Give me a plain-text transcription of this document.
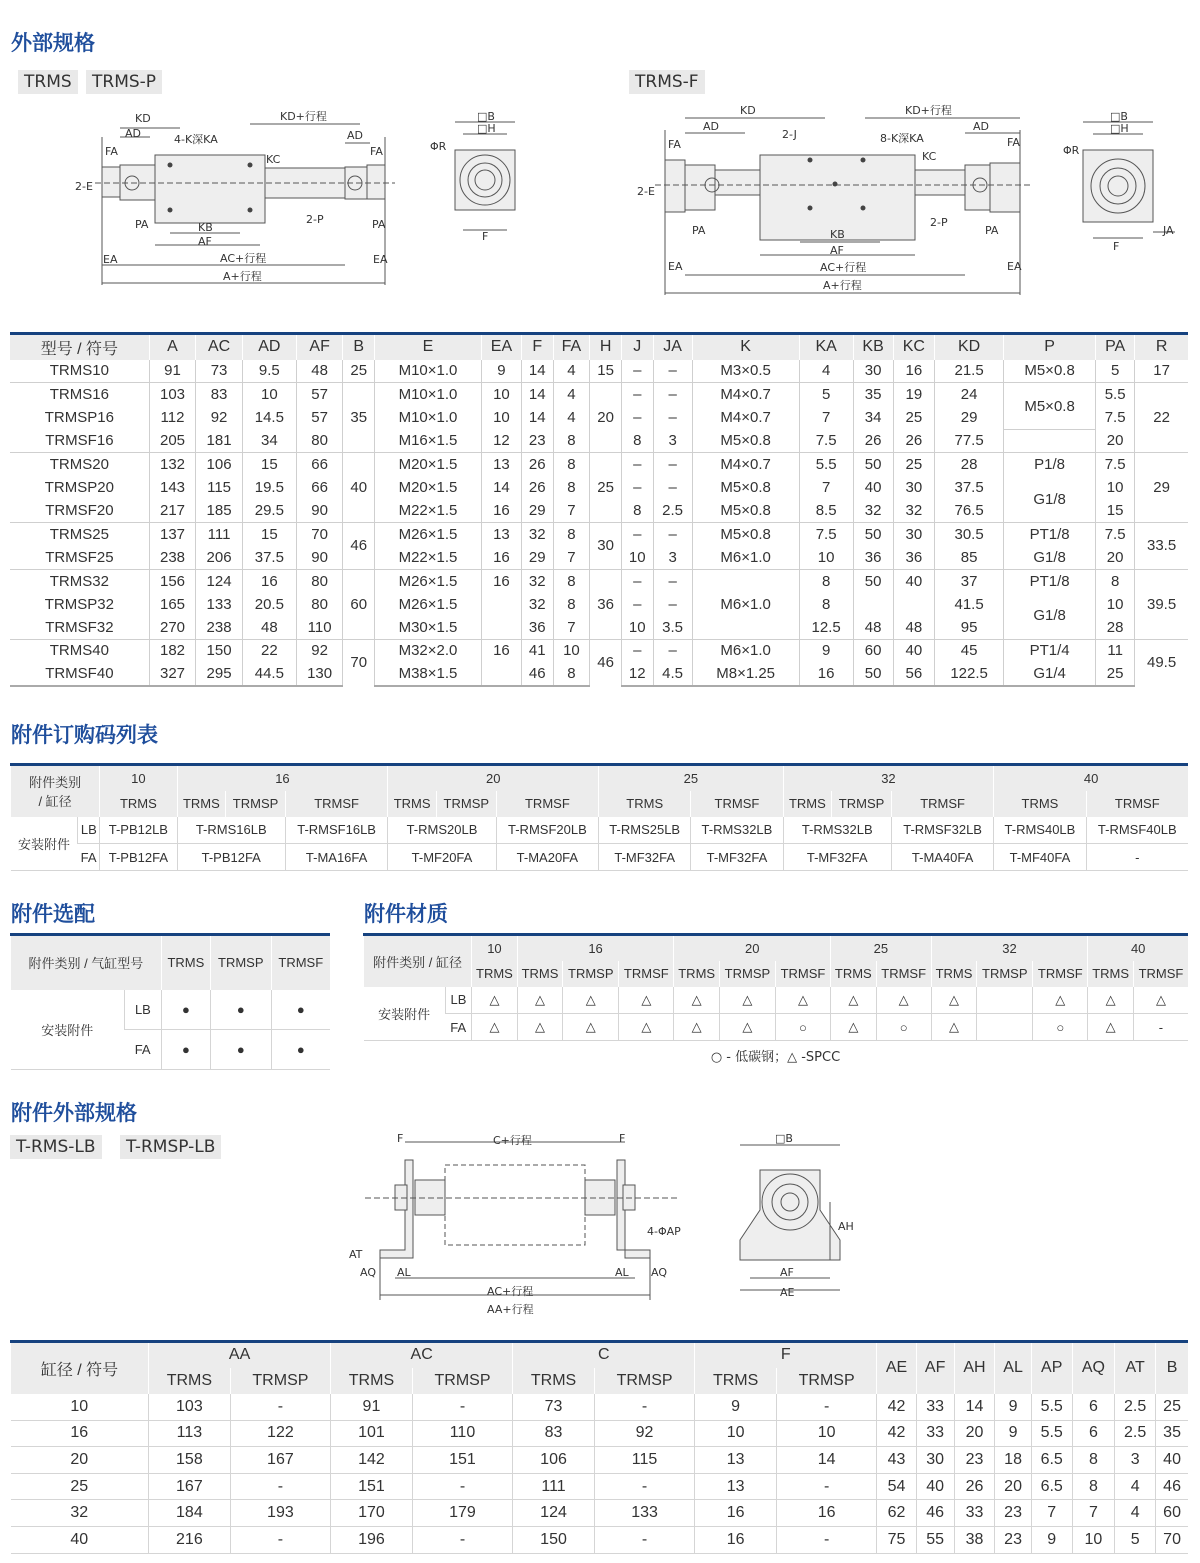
外部规格
TRMS	TRMS-P	TRMS-F
KD
AD
FA
2-E
4-K深KA
KD+行程
AD
KC
FA
PA	KB
AF
2-P	PA
EA	AC+行程	EA
A+行程
□B
□H
ΦR
F
KD
AD
2-J	8-K深KA
KD+行程
KC
AD
FA	FA
2-E
PA	KB
AF
2-P
PA
EA	AC+行程	EA
A+行程
□B
□H
ΦR
F
JA
型号 / 符号	A	AC	AD	AF	B	E	EA	F	FA	H	J	JA	K	KA	KB	KC	KD	P	PA	R
TRMS10	91	73	9.5	48	25	M10×1.0	9	14	4	15	–	–	M3×0.5	4	30	16	21.5	M5×0.8	5	17
TRMS16	103	83	10	57	35	M10×1.0	10	14	4	20	–	–	M4×0.7	5	35	19	24	M5×0.8	5.5	22
TRMSP16	112	92	14.5	57		M10×1.0	10	14	4		–	–	M4×0.7	7	34	25	29		7.5	
TRMSF16	205	181	34	80		M16×1.5	12	23	8		8	3	M5×0.8	7.5	26	26	77.5		20	
TRMS20	132	106	15	66	40	M20×1.5	13	26	8	25	–	–	M4×0.7	5.5	50	25	28	P1/8	7.5	29
TRMSP20	143	115	19.5	66		M20×1.5	14	26	8		–	–	M5×0.8	7	40	30	37.5	G1/8	10	
TRMSF20	217	185	29.5	90		M22×1.5	16	29	7		8	2.5	M5×0.8	8.5	32	32	76.5		15	
TRMS25	137	111	15	70	46	M26×1.5	13	32	8	30	–	–	M5×0.8	7.5	50	30	30.5	PT1/8	7.5	33.5
TRMSF25	238	206	37.5	90		M22×1.5	16	29	7		10	3	M6×1.0	10	36	36	85	G1/8	20	
TRMS32	156	124	16	80	60	M26×1.5	16	32	8	36	–	–	M6×1.0	8	50	40	37	PT1/8	8	39.5
TRMSP32	165	133	20.5	80		M26×1.5		32	8		–	–		8			41.5	G1/8	10	
TRMSF32	270	238	48	110		M30×1.5		36	7		10	3.5		12.5	48	48	95		28	
TRMS40	182	150	22	92	70	M32×2.0	16	41	10	46	–	–	M6×1.0	9	60	40	45	PT1/4	11	49.5
TRMSF40	327	295	44.5	130		M38×1.5		46	8		12	4.5	M8×1.25	16	50	56	122.5	G1/4	25	
附件订购码列表
附件类别
/ 缸径		10	16			20			25		32			40	
		TRMS	TRMS	TRMSP	TRMSF	TRMS	TRMSP	TRMSF	TRMS	TRMSF	TRMS	TRMSP	TRMSF	TRMS	TRMSF
安装附件	LB	T-PB12LB	T-RMS16LB		T-RMSF16LB	T-RMS20LB		T-RMSF20LB	T-RMS25LB	T-RMS32LB	T-RMS32LB		T-RMSF32LB	T-RMS40LB	T-RMSF40LB
	FA	T-PB12FA	T-PB12FA		T-MA16FA	T-MF20FA		T-MA20FA	T-MF32FA	T-MF32FA	T-MF32FA		T-MA40FA	T-MF40FA	-
附件选配	附件材质
附件类别 / 气缸型号		TRMS	TRMSP	TRMSF
安装附件	LB	●	●	●
	FA	●	●	●
附件类别 / 缸径		10	16			20			25		32			40	
		TRMS	TRMS	TRMSP	TRMSF	TRMS	TRMSP	TRMSF	TRMS	TRMSF	TRMS	TRMSP	TRMSF	TRMS	TRMSF
安装附件	LB	△	△	△	△	△	△	△	△	△	△		△	△	△
	FA	△	△	△	△	△	△	○	△	○	△		○	△	-
○ - 低碳钢；△ -SPCC
附件外部规格
T-RMS-LB	T-RMSP-LB	F	C+行程	F
4-ΦAP
AT
AQ AL	AL AQ
AC+行程
AA+行程
□B
AH
AF
AE
缸径 / 符号	AA		AC		C		F		AE	AF	AH	AL	AP	AQ	AT	B
	TRMS	TRMSP	TRMS	TRMSP	TRMS	TRMSP	TRMS	TRMSP								
10	103	-	91	-	73	-	9	-	42	33	14	9	5.5	6	2.5	25
16	113	122	101	110	83	92	10	10	42	33	20	9	5.5	6	2.5	35
20	158	167	142	151	106	115	13	14	43	30	23	18	6.5	8	3	40
25	167	-	151	-	111	-	13	-	54	40	26	20	6.5	8	4	46
32	184	193	170	179	124	133	16	16	62	46	33	23	7	7	4	60
40	216	-	196	-	150	-	16	-	75	55	38	23	9	10	5	70
